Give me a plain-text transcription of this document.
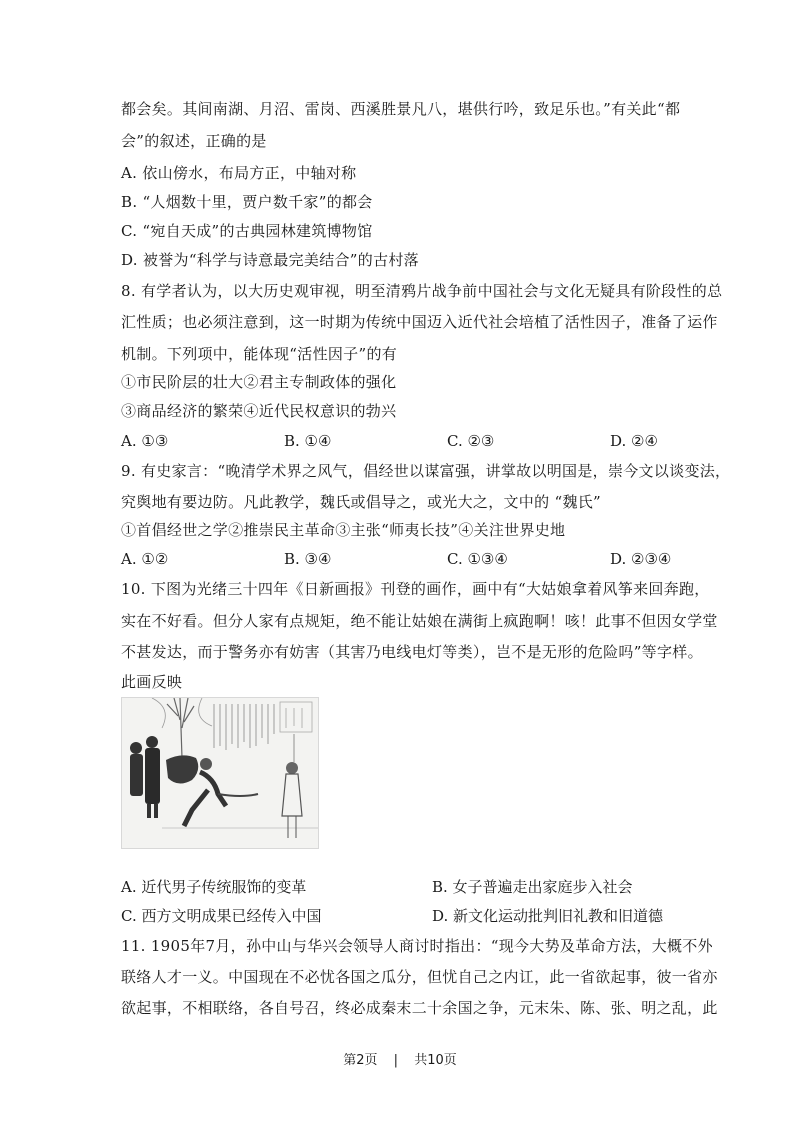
都会矣。其间南湖、月沼、雷岗、西溪胜景凡八，堪供行吟，致足乐也。”有关此“都
会”的叙述，正确的是
A. 依山傍水，布局方正，中轴对称
B. “人烟数十里，贾户数千家”的都会
C. “宛自天成”的古典园林建筑博物馆
D. 被誉为“科学与诗意最完美结合”的古村落
8. 有学者认为，以大历史观审视，明至清鸦片战争前中国社会与文化无疑具有阶段性的总
汇性质；也必须注意到，这一时期为传统中国迈入近代社会培植了活性因子，准备了运作
机制。下列项中，能体现“活性因子”的有
①市民阶层的壮大②君主专制政体的强化
③商品经济的繁荣④近代民权意识的勃兴
A. ①③	B. ①④	C. ②③	D. ②④
9. 有史家言：“晚清学术界之风气，倡经世以谋富强，讲掌故以明国是，崇今文以谈变法，
究舆地有要边防。凡此教学，魏氏或倡导之，或光大之，文中的 “魏氏”
①首倡经世之学②推崇民主革命③主张“师夷长技”④关注世界史地
A. ①②	B. ③④	C. ①③④	D. ②③④
10. 下图为光绪三十四年《日新画报》刊登的画作，画中有“大姑娘拿着风筝来回奔跑，
实在不好看。但分人家有点规矩，绝不能让姑娘在满街上疯跑啊！咳！此事不但因女学堂
不甚发达，而于警务亦有妨害（其害乃电线电灯等类），岂不是无形的危险吗”等字样。
此画反映
A. 近代男子传统服饰的变革	B. 女子普遍走出家庭步入社会
C. 西方文明成果已经传入中国	D. 新文化运动批判旧礼教和旧道德
11. 1905年7月，孙中山与华兴会领导人商讨时指出：“现今大势及革命方法，大概不外
联络人才一义。中国现在不必忧各国之瓜分，但忧自己之内讧，此一省欲起事，彼一省亦
欲起事，不相联络，各自号召，终必成秦末二十余国之争，元末朱、陈、张、明之乱，此
第2页 | 共10页
